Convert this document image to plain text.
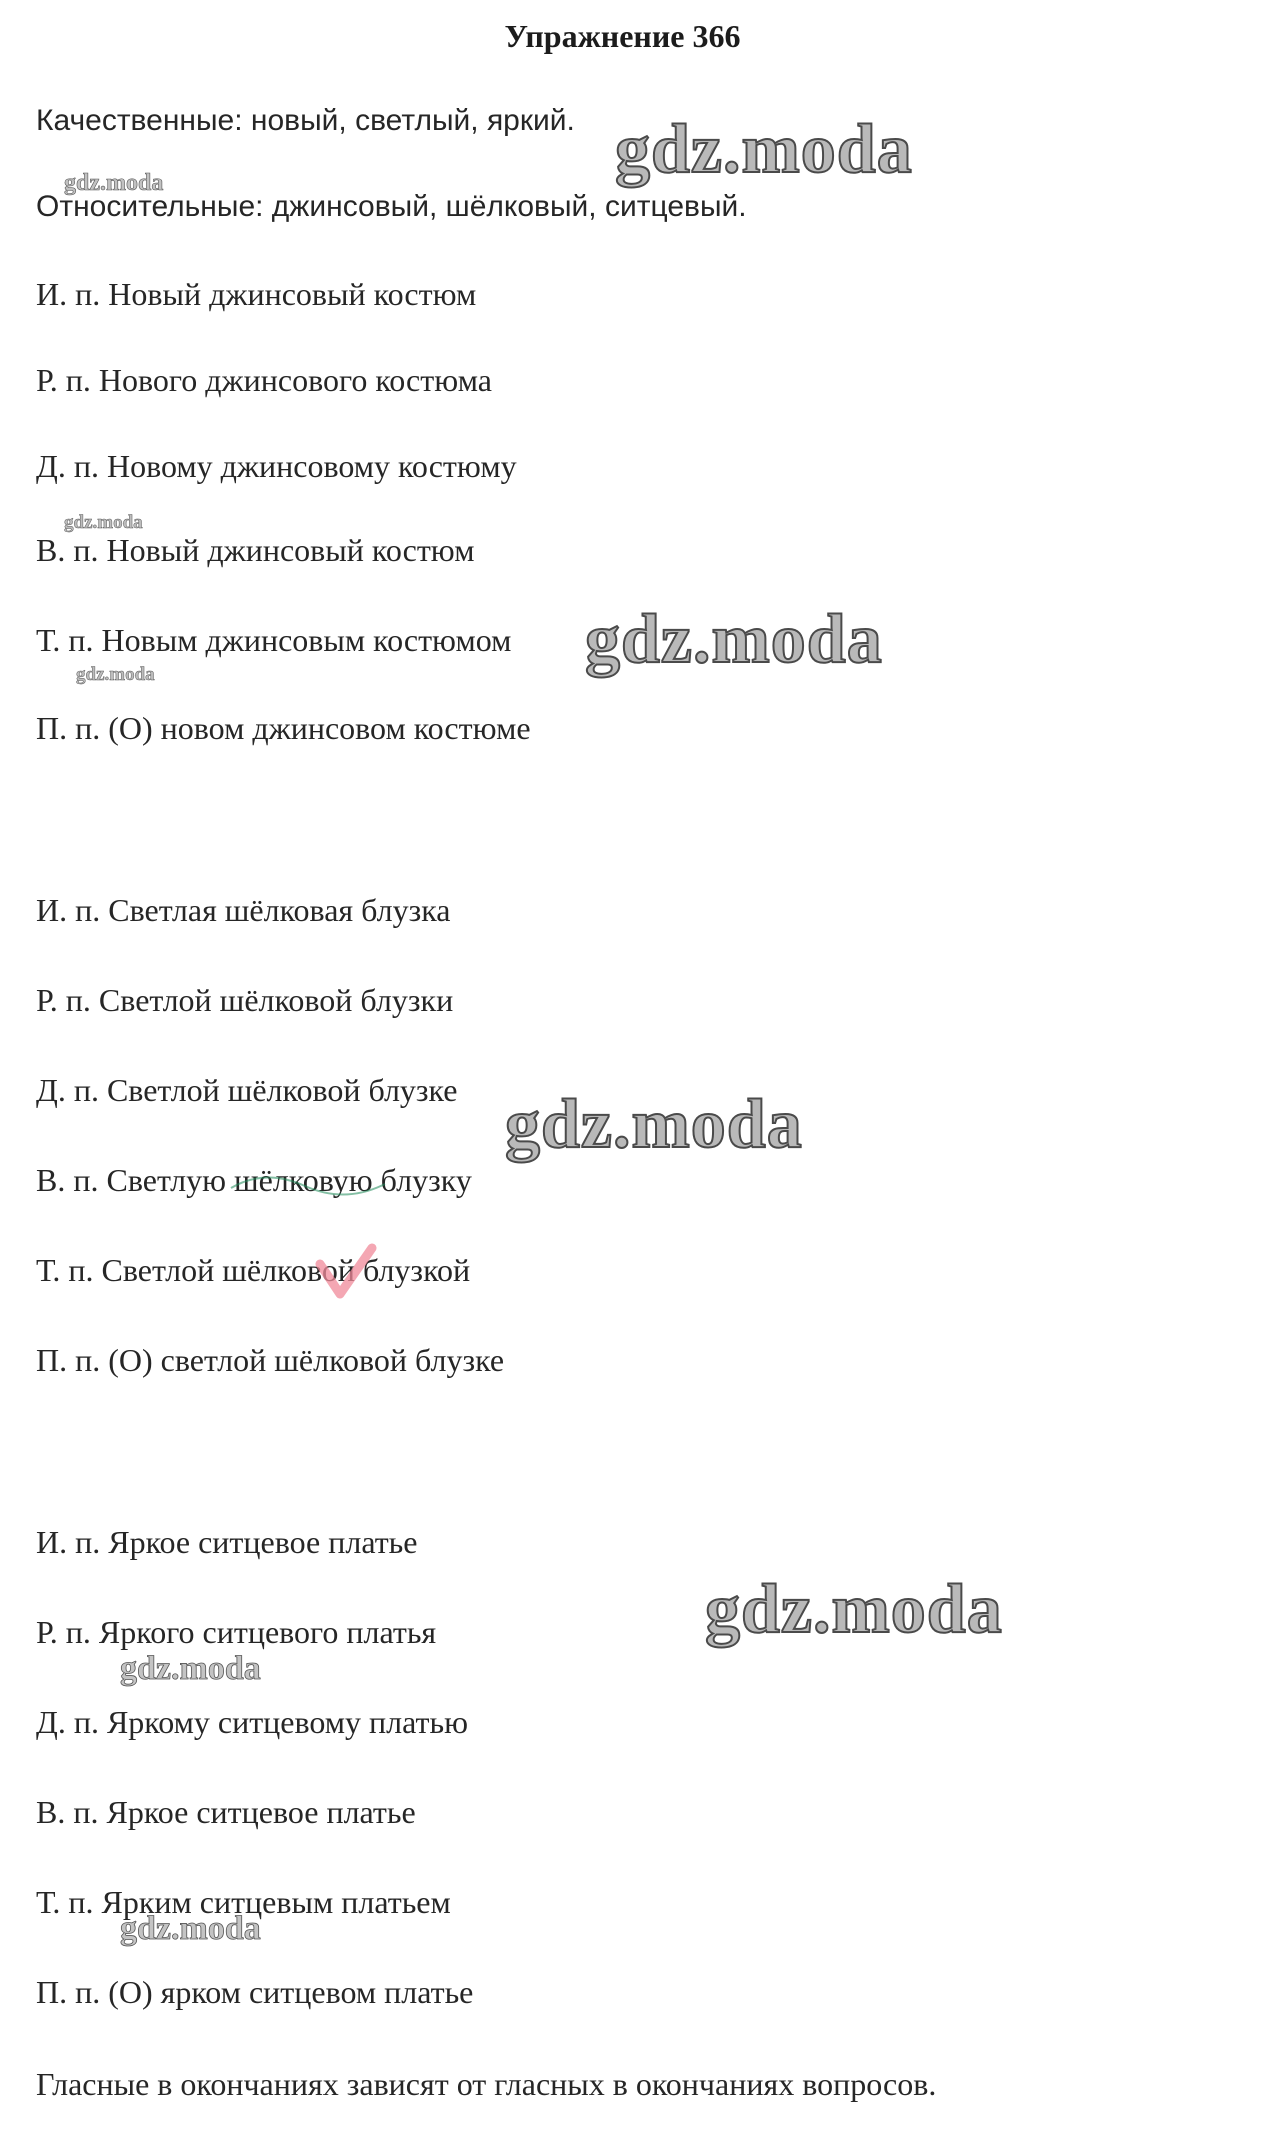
Упражнение 366

Качественные: новый, светлый, яркий.

Относительные: джинсовый, шёлковый, ситцевый.

И. п. Новый джинсовый костюм

Р. п. Нового джинсового костюма

Д. п. Новому джинсовому костюму

В. п. Новый джинсовый костюм

Т. п. Новым джинсовым костюмом

П. п. (О) новом джинсовом костюме

И. п. Светлая шёлковая блузка

Р. п. Светлой шёлковой блузки

Д. п. Светлой шёлковой блузке

В. п. Светлую шёлковую блузку

Т. п. Светлой шёлковой блузкой

П. п. (О) светлой шёлковой блузке

И. п. Яркое ситцевое платье

Р. п. Яркого ситцевого платья

Д. п. Яркому ситцевому платью

В. п. Яркое ситцевое платье

Т. п. Ярким ситцевым платьем

П. п. (О) ярком ситцевом платье

Гласные в окончаниях зависят от гласных в окончаниях вопросов.

gdz.moda
gdz.moda
gdz.moda
gdz.moda
gdz.moda
gdz.moda
gdz.moda
gdz.moda
gdz.moda
